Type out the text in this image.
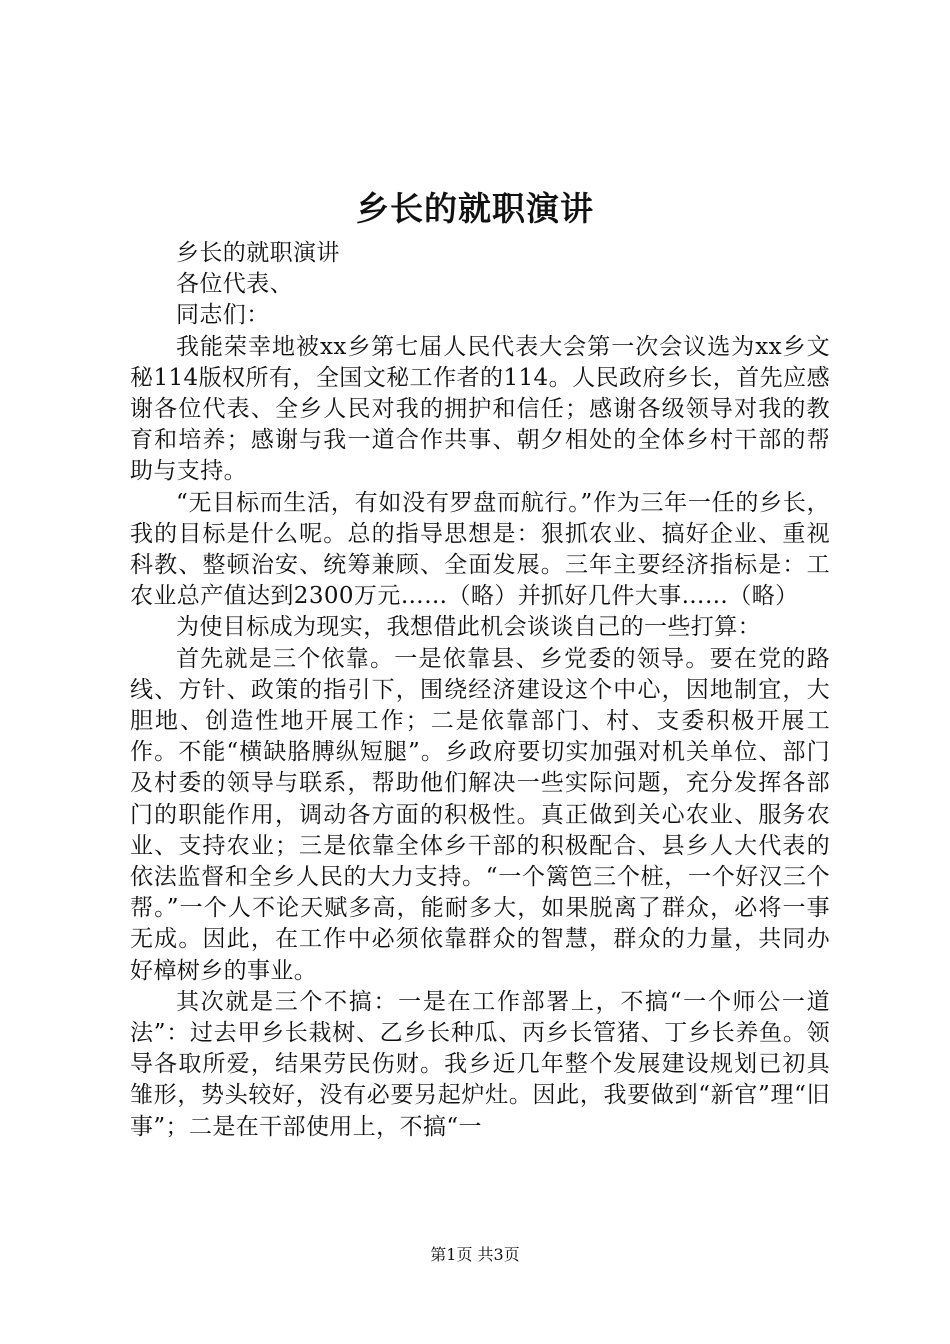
乡长的就职演讲

乡长的就职演讲

各位代表、

同志们：

我能荣幸地被xx乡第七届人民代表大会第一次会议选为xx乡文秘114版权所有，全国文秘工作者的114。人民政府乡长，首先应感谢各位代表、全乡人民对我的拥护和信任；感谢各级领导对我的教育和培养；感谢与我一道合作共事、朝夕相处的全体乡村干部的帮助与支持。

“无目标而生活，有如没有罗盘而航行。”作为三年一任的乡长，我的目标是什么呢。总的指导思想是：狠抓农业、搞好企业、重视科教、整顿治安、统筹兼顾、全面发展。三年主要经济指标是：工农业总产值达到2300万元……（略）并抓好几件大事……（略）

为使目标成为现实，我想借此机会谈谈自己的一些打算：

首先就是三个依靠。一是依靠县、乡党委的领导。要在党的路线、方针、政策的指引下，围绕经济建设这个中心，因地制宜，大胆地、创造性地开展工作；二是依靠部门、村、支委积极开展工作。不能“横缺胳膊纵短腿”。乡政府要切实加强对机关单位、部门及村委的领导与联系，帮助他们解决一些实际问题，充分发挥各部门的职能作用，调动各方面的积极性。真正做到关心农业、服务农业、支持农业；三是依靠全体乡干部的积极配合、县乡人大代表的依法监督和全乡人民的大力支持。“一个篱笆三个桩，一个好汉三个帮。”一个人不论天赋多高，能耐多大，如果脱离了群众，必将一事无成。因此，在工作中必须依靠群众的智慧，群众的力量，共同办好樟树乡的事业。

其次就是三个不搞：一是在工作部署上，不搞“一个师公一道法”：过去甲乡长栽树、乙乡长种瓜、丙乡长管猪、丁乡长养鱼。领导各取所爱，结果劳民伤财。我乡近几年整个发展建设规划已初具雏形，势头较好，没有必要另起炉灶。因此，我要做到“新官”理“旧事”；二是在干部使用上，不搞“一

第1页 共3页
